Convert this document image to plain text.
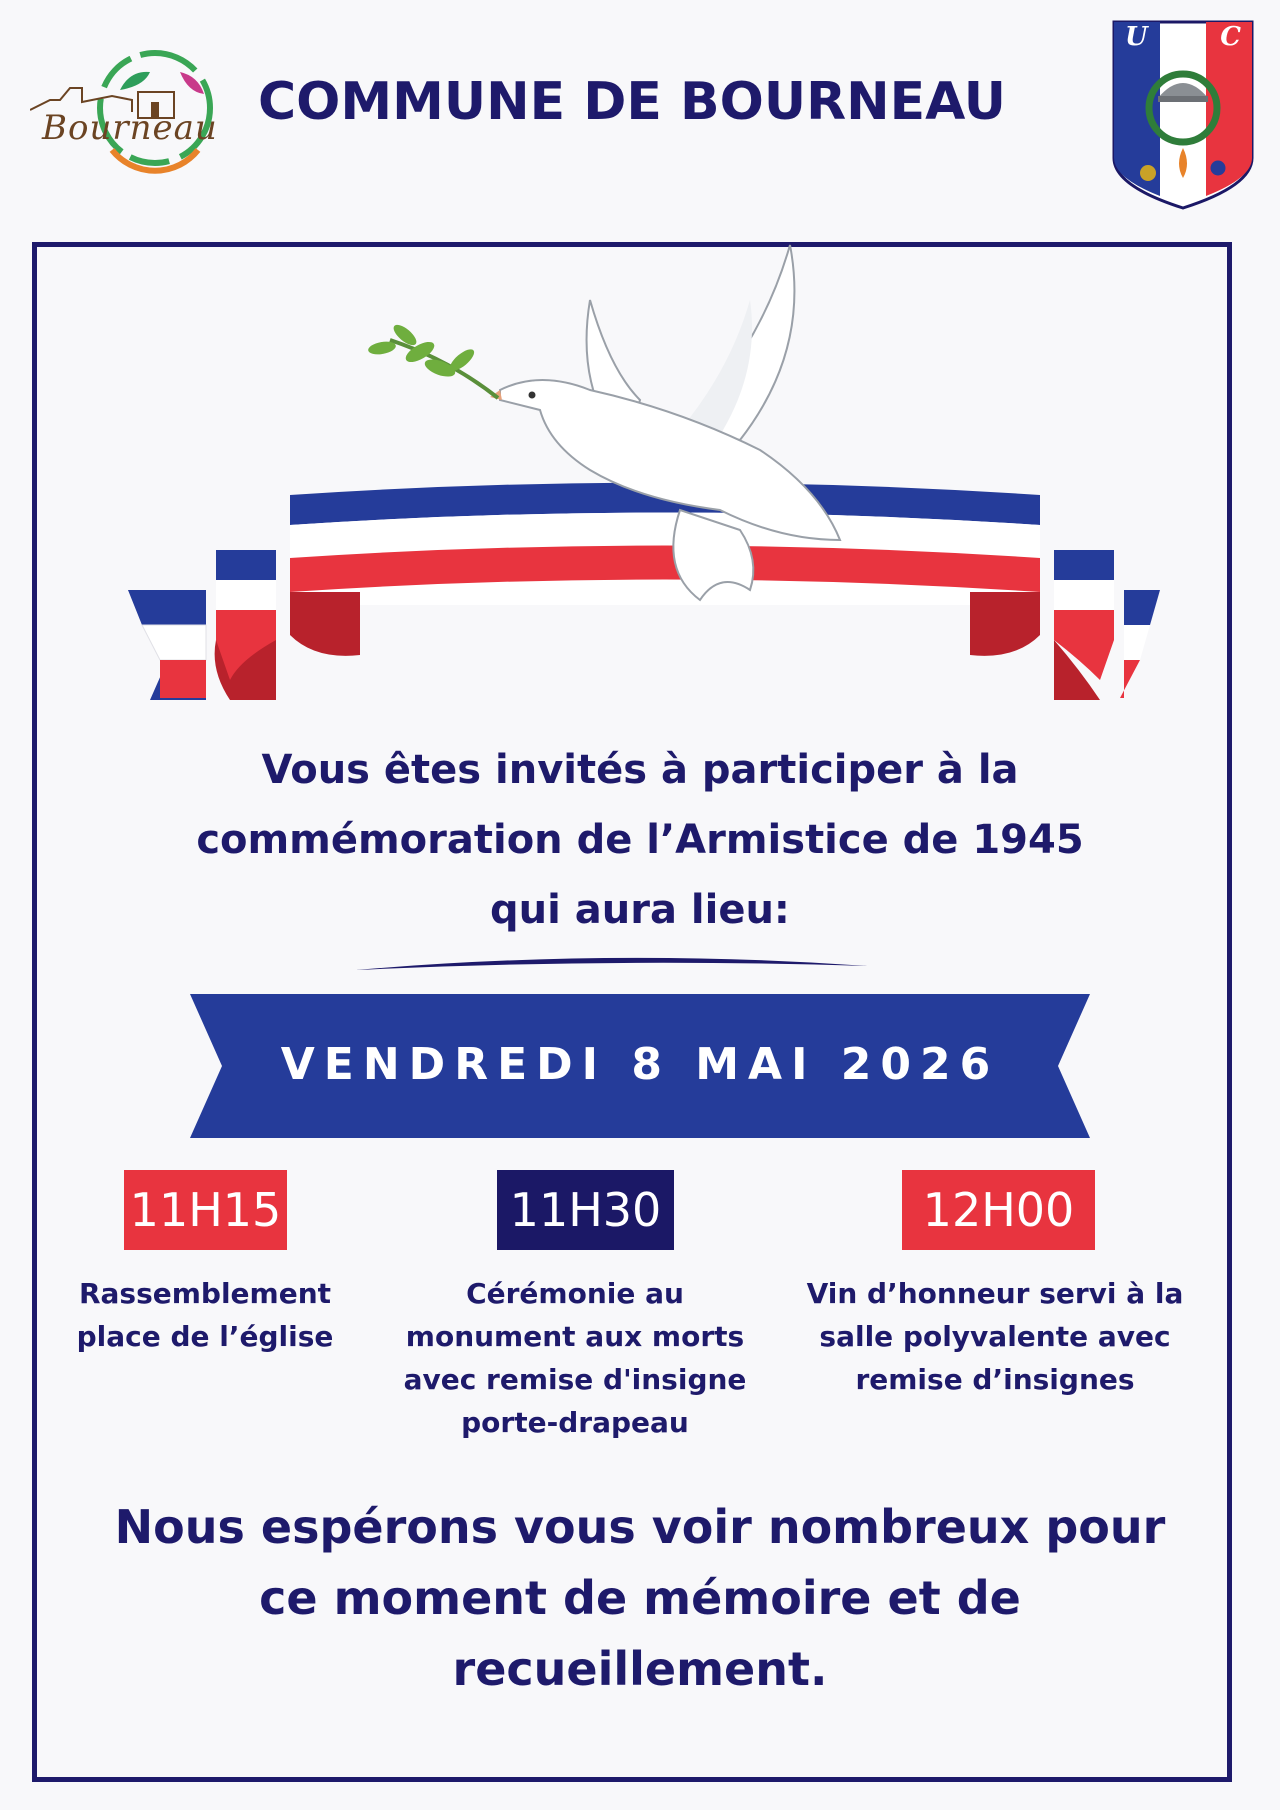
Bourneau COMMUNE DE BOURNEAU
U N C
Vous êtes invités à participer à la
commémoration de l’Armistice de 1945
qui aura lieu:
VENDREDI 8 MAI 2026
11H15	11H30	12H00
Rassemblement
place de l’église
Cérémonie au
monument aux morts
avec remise d'insigne
porte-drapeau
Vin d’honneur servi à la
salle polyvalente avec
remise d’insignes
Nous espérons vous voir nombreux pour
ce moment de mémoire et de
recueillement.
